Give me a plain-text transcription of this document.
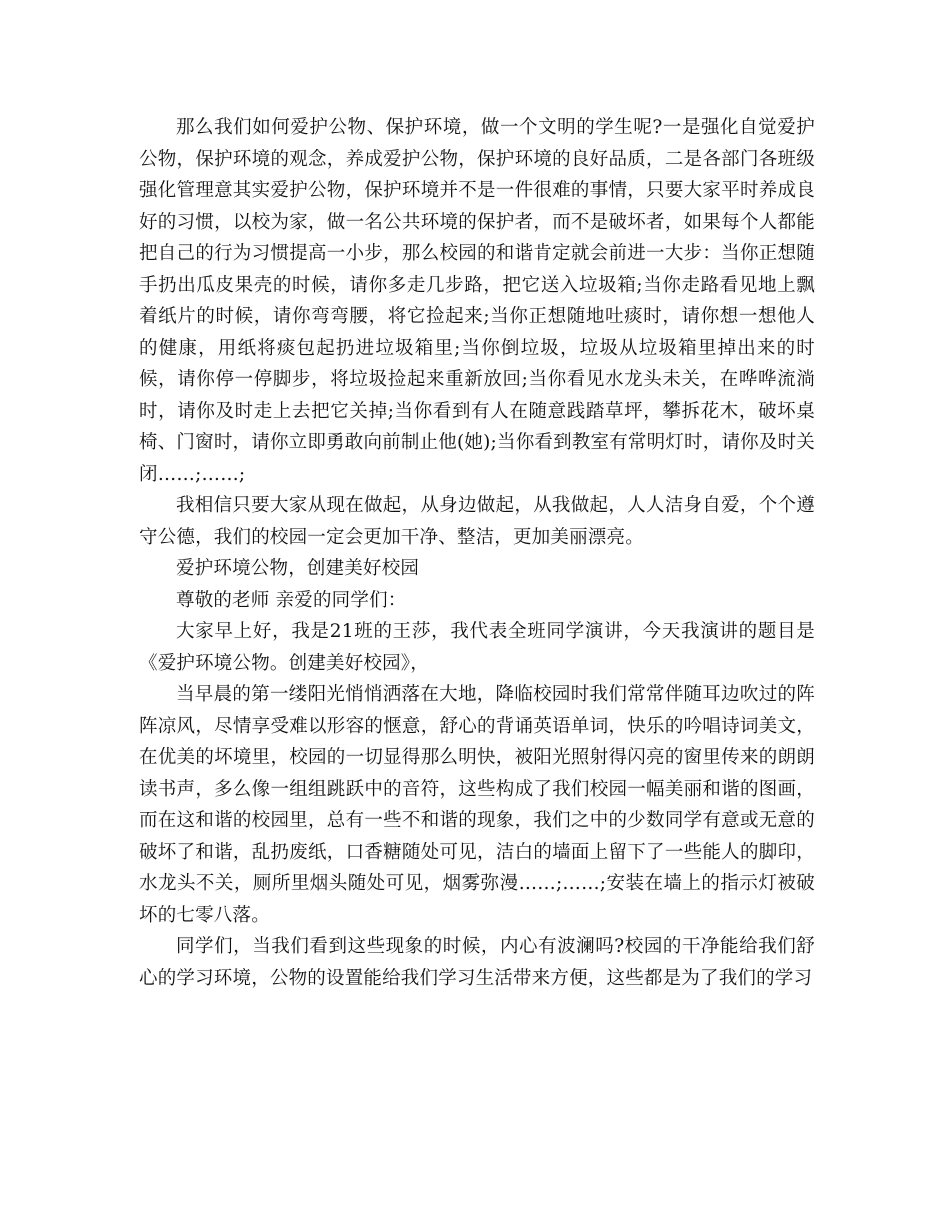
那么我们如何爱护公物、保护环境，做一个文明的学生呢?一是强化自觉爱护公物，保护环境的观念，养成爱护公物，保护环境的良好品质，二是各部门各班级强化管理意其实爱护公物，保护环境并不是一件很难的事情，只要大家平时养成良好的习惯，以校为家，做一名公共环境的保护者，而不是破坏者，如果每个人都能把自己的行为习惯提高一小步，那么校园的和谐肯定就会前进一大步：当你正想随手扔出瓜皮果壳的时候，请你多走几步路，把它送入垃圾箱;当你走路看见地上飘着纸片的时候，请你弯弯腰，将它捡起来;当你正想随地吐痰时，请你想一想他人的健康，用纸将痰包起扔进垃圾箱里;当你倒垃圾，垃圾从垃圾箱里掉出来的时候，请你停一停脚步，将垃圾捡起来重新放回;当你看见水龙头未关，在哗哗流淌时，请你及时走上去把它关掉;当你看到有人在随意践踏草坪，攀拆花木，破坏桌椅、门窗时，请你立即勇敢向前制止他(她);当你看到教室有常明灯时，请你及时关闭……;……;

我相信只要大家从现在做起，从身边做起，从我做起，人人洁身自爱，个个遵守公德，我们的校园一定会更加干净、整洁，更加美丽漂亮。

爱护环境公物，创建美好校园

尊敬的老师 亲爱的同学们：

大家早上好，我是21班的王莎，我代表全班同学演讲，今天我演讲的题目是《爱护环境公物。创建美好校园》，

当早晨的第一缕阳光悄悄洒落在大地，降临校园时我们常常伴随耳边吹过的阵阵凉风，尽情享受难以形容的惬意，舒心的背诵英语单词，快乐的吟唱诗词美文，在优美的坏境里，校园的一切显得那么明快，被阳光照射得闪亮的窗里传来的朗朗读书声，多么像一组组跳跃中的音符，这些构成了我们校园一幅美丽和谐的图画，而在这和谐的校园里，总有一些不和谐的现象，我们之中的少数同学有意或无意的破坏了和谐，乱扔废纸，口香糖随处可见，洁白的墙面上留下了一些能人的脚印，水龙头不关，厕所里烟头随处可见，烟雾弥漫……;……;安装在墙上的指示灯被破坏的七零八落。

同学们，当我们看到这些现象的时候，内心有波澜吗?校园的干净能给我们舒心的学习环境，公物的设置能给我们学习生活带来方便，这些都是为了我们的学习
